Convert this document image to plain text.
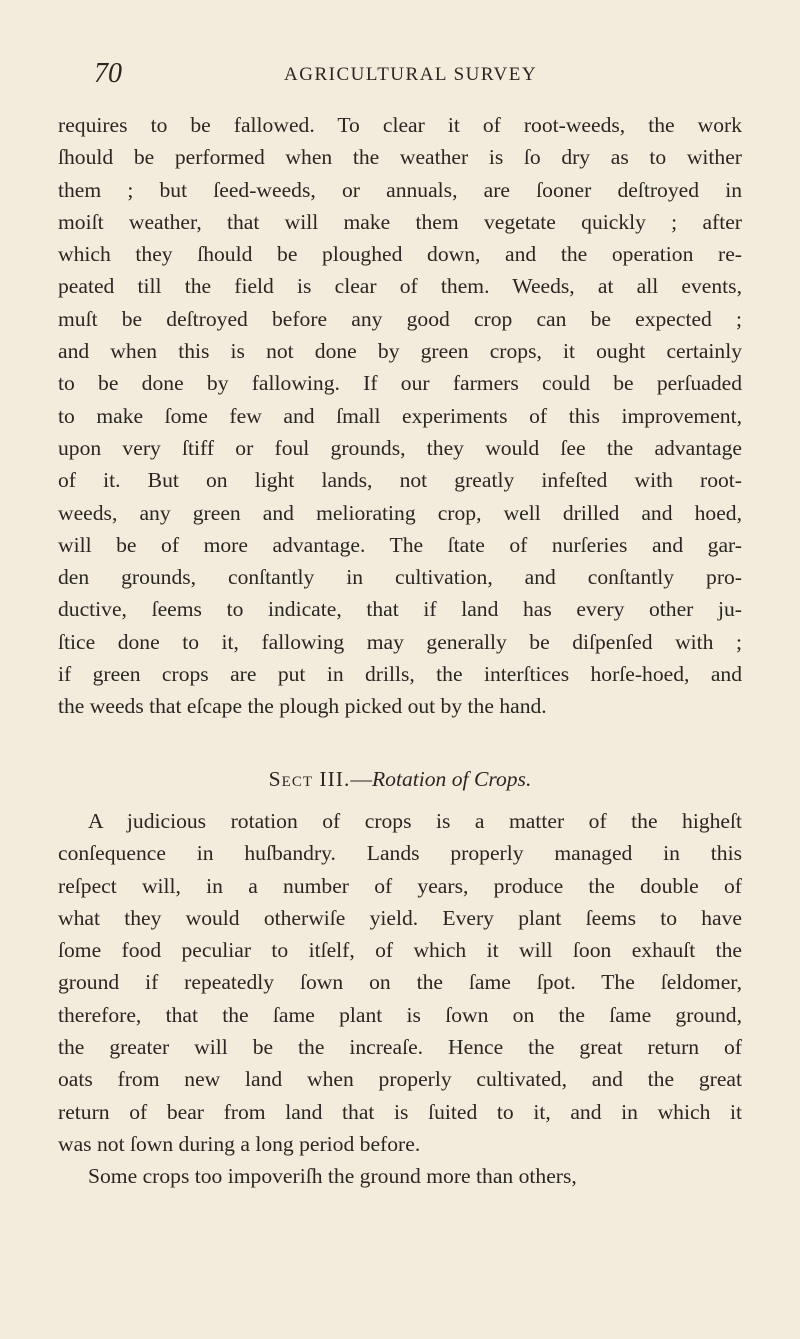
70	AGRICULTURAL SURVEY
requires to be fallowed. To clear it of root-weeds, the work
ſhould be performed when the weather is ſo dry as to wither
them ; but ſeed-weeds, or annuals, are ſooner deſtroyed in
moiſt weather, that will make them vegetate quickly ; after
which they ſhould be ploughed down, and the operation re-
peated till the field is clear of them. Weeds, at all events,
muſt be deſtroyed before any good crop can be expected ;
and when this is not done by green crops, it ought certainly
to be done by fallowing. If our farmers could be perſuaded
to make ſome few and ſmall experiments of this improvement,
upon very ſtiff or foul grounds, they would ſee the advantage
of it. But on light lands, not greatly infeſted with root-
weeds, any green and meliorating crop, well drilled and hoed,
will be of more advantage. The ſtate of nurſeries and gar-
den grounds, conſtantly in cultivation, and conſtantly pro-
ductive, ſeems to indicate, that if land has every other ju-
ſtice done to it, fallowing may generally be diſpenſed with ;
if green crops are put in drills, the interſtices horſe-hoed, and
the weeds that eſcape the plough picked out by the hand.
Sect III.—Rotation of Crops.
A judicious rotation of crops is a matter of the higheſt
conſequence in huſbandry. Lands properly managed in this
reſpect will, in a number of years, produce the double of
what they would otherwiſe yield. Every plant ſeems to have
ſome food peculiar to itſelf, of which it will ſoon exhauſt the
ground if repeatedly ſown on the ſame ſpot. The ſeldomer,
therefore, that the ſame plant is ſown on the ſame ground,
the greater will be the increaſe. Hence the great return of
oats from new land when properly cultivated, and the great
return of bear from land that is ſuited to it, and in which it
was not ſown during a long period before.
Some crops too impoveriſh the ground more than others,
